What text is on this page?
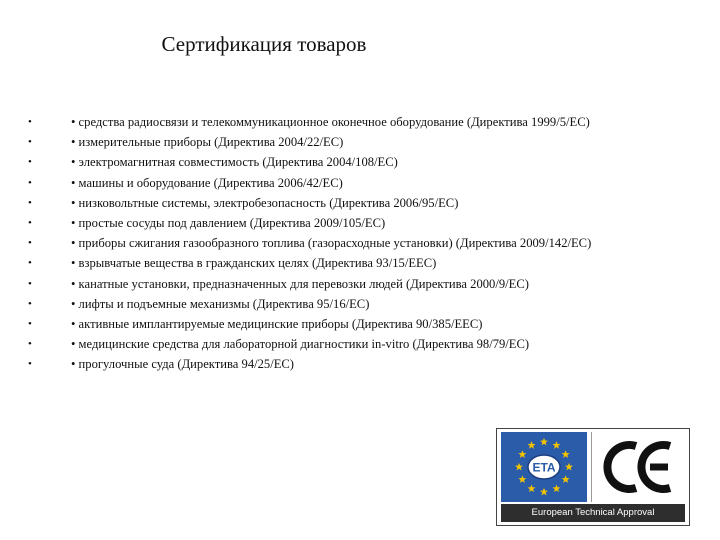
Сертификация товаров
•	• средства радиосвязи и телекоммуникационное оконечное оборудование (Директива 1999/5/EC)
•	• измерительные приборы (Директива 2004/22/EC)
•	• электромагнитная совместимость (Директива 2004/108/EC)
•	• машины и оборудование (Директива 2006/42/EC)
•	• низковольтные системы, электробезопасность (Директива 2006/95/EC)
•	• простые сосуды под давлением (Директива 2009/105/EC)
•	• приборы сжигания газообразного топлива (газорасходные установки) (Директива 2009/142/EC)
•	• взрывчатые вещества в гражданских целях (Директива 93/15/EEC)
•	• канатные установки, предназначенных для перевозки людей (Директива 2000/9/EC)
•	• лифты и подъемные механизмы (Директива 95/16/EC)
•	• активные имплантируемые медицинские приборы (Директива 90/385/EEC)
•	• медицинские средства для лабораторной диагностики in-vitro (Директива 98/79/EC)
•	• прогулочные суда (Директива 94/25/EC)
ETA
European Technical Approval
